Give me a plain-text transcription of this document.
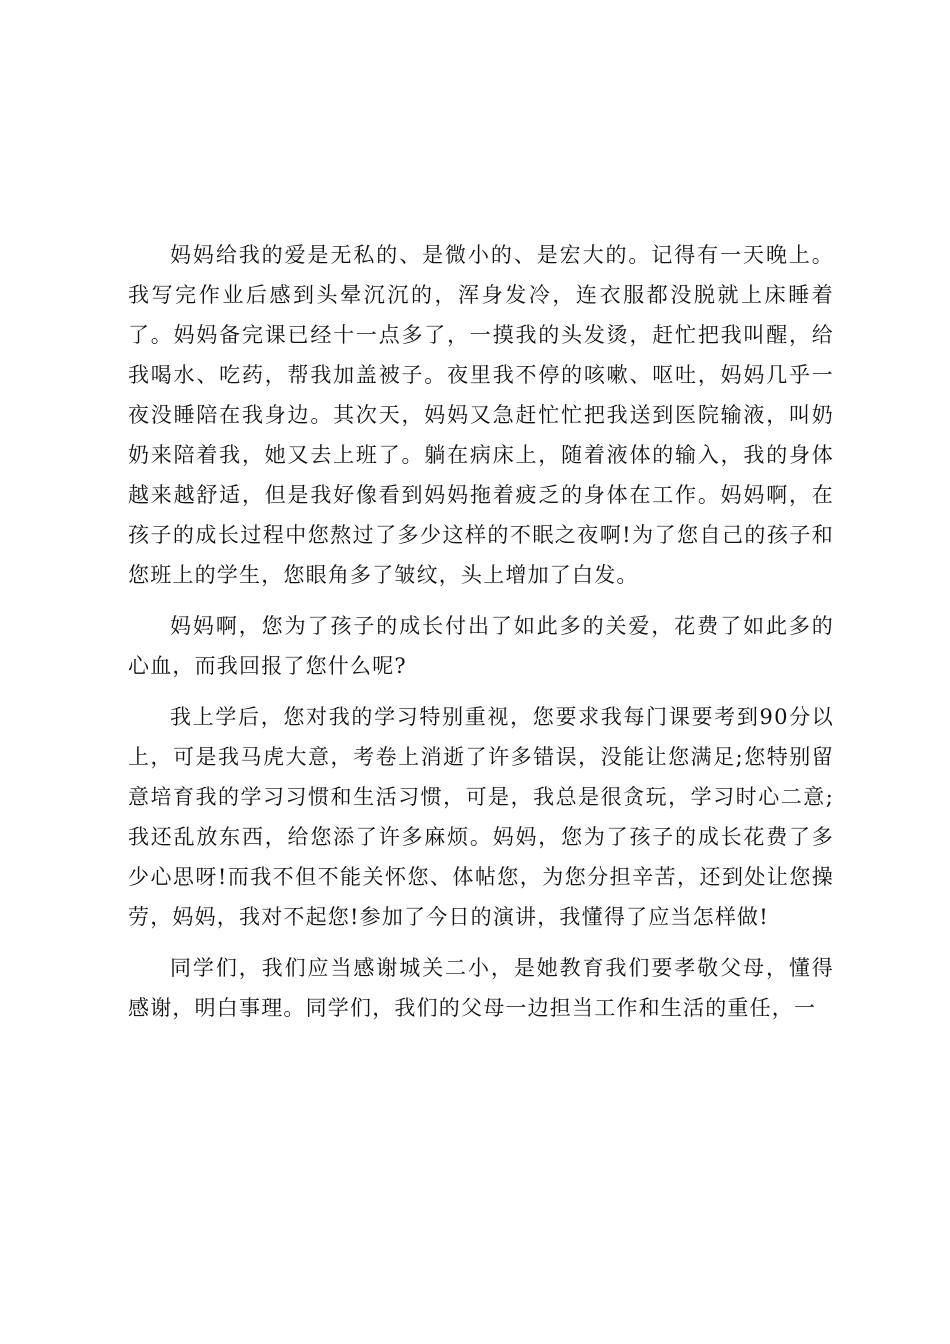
妈妈给我的爱是无私的、是微小的、是宏大的。记得有一天晚上。我写完作业后感到头晕沉沉的，浑身发冷，连衣服都没脱就上床睡着了。妈妈备完课已经十一点多了，一摸我的头发烫，赶忙把我叫醒，给我喝水、吃药，帮我加盖被子。夜里我不停的咳嗽、呕吐，妈妈几乎一夜没睡陪在我身边。其次天，妈妈又急赶忙忙把我送到医院输液，叫奶奶来陪着我，她又去上班了。躺在病床上，随着液体的输入，我的身体越来越舒适，但是我好像看到妈妈拖着疲乏的身体在工作。妈妈啊，在孩子的成长过程中您熬过了多少这样的不眠之夜啊!为了您自己的孩子和您班上的学生，您眼角多了皱纹，头上增加了白发。

妈妈啊，您为了孩子的成长付出了如此多的关爱，花费了如此多的心血，而我回报了您什么呢?

我上学后，您对我的学习特别重视，您要求我每门课要考到90分以上，可是我马虎大意，考卷上消逝了许多错误，没能让您满足;您特别留意培育我的学习习惯和生活习惯，可是，我总是很贪玩，学习时心二意;我还乱放东西，给您添了许多麻烦。妈妈，您为了孩子的成长花费了多少心思呀!而我不但不能关怀您、体帖您，为您分担辛苦，还到处让您操劳，妈妈，我对不起您!参加了今日的演讲，我懂得了应当怎样做!

同学们，我们应当感谢城关二小，是她教育我们要孝敬父母，懂得感谢，明白事理。同学们，我们的父母一边担当工作和生活的重任，一
